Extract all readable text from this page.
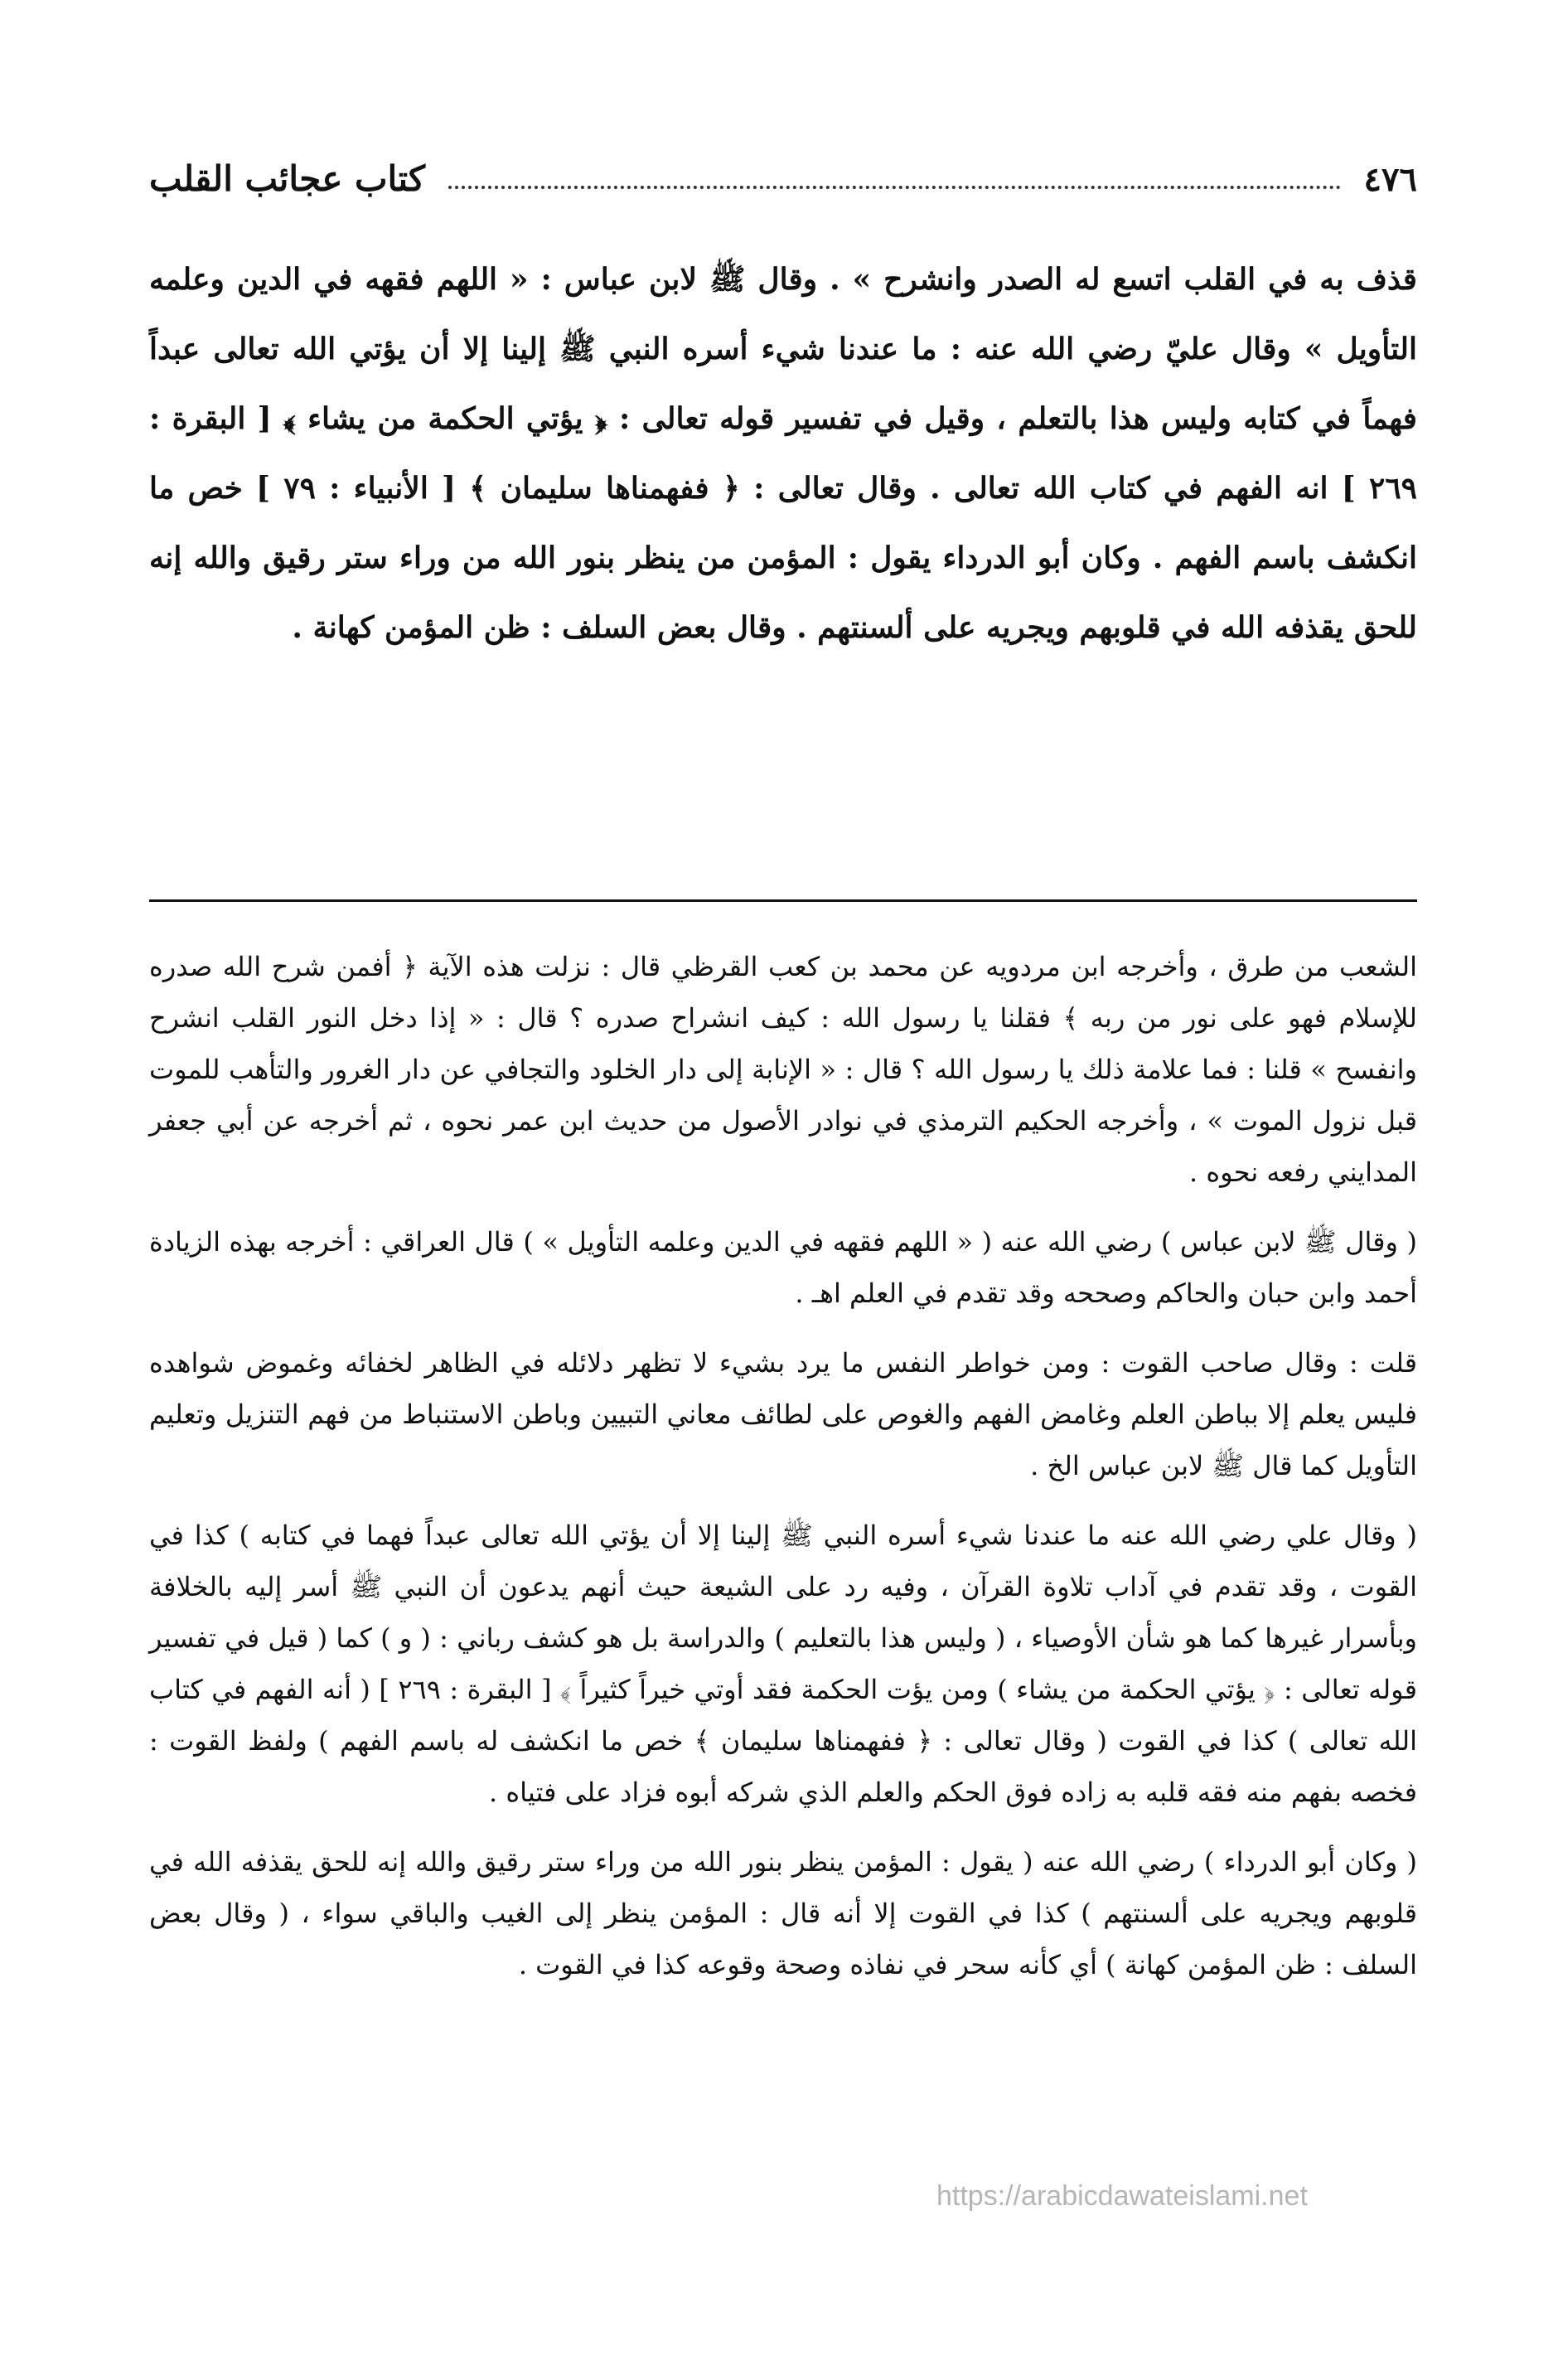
٤٧٦
كتاب عجائب القلب

قذف به في القلب اتسع له الصدر وانشرح » . وقال ﷺ لابن عباس : « اللهم فقهه في الدين وعلمه التأويل » وقال عليّ رضي الله عنه : ما عندنا شيء أسره النبي ﷺ إلينا إلا أن يؤتي الله تعالى عبداً فهماً في كتابه وليس هذا بالتعلم ، وقيل في تفسير قوله تعالى : ﴿ يؤتي الحكمة من يشاء ﴾ [ البقرة : ٢٦٩ ] انه الفهم في كتاب الله تعالى . وقال تعالى : ﴿ ففهمناها سليمان ﴾ [ الأنبياء : ٧٩ ] خص ما انكشف باسم الفهم . وكان أبو الدرداء يقول : المؤمن من ينظر بنور الله من وراء ستر رقيق والله إنه للحق يقذفه الله في قلوبهم ويجريه على ألسنتهم . وقال بعض السلف : ظن المؤمن كهانة .

الشعب من طرق ، وأخرجه ابن مردويه عن محمد بن كعب القرظي قال : نزلت هذه الآية ﴿ أفمن شرح الله صدره للإسلام فهو على نور من ربه ﴾ فقلنا يا رسول الله : كيف انشراح صدره ؟ قال : « إذا دخل النور القلب انشرح وانفسح » قلنا : فما علامة ذلك يا رسول الله ؟ قال : « الإنابة إلى دار الخلود والتجافي عن دار الغرور والتأهب للموت قبل نزول الموت » ، وأخرجه الحكيم الترمذي في نوادر الأصول من حديث ابن عمر نحوه ، ثم أخرجه عن أبي جعفر المدايني رفعه نحوه .

( وقال ﷺ لابن عباس ) رضي الله عنه ( « اللهم فقهه في الدين وعلمه التأويل » ) قال العراقي : أخرجه بهذه الزيادة أحمد وابن حبان والحاكم وصححه وقد تقدم في العلم اهـ .

قلت : وقال صاحب القوت : ومن خواطر النفس ما يرد بشيء لا تظهر دلائله في الظاهر لخفائه وغموض شواهده فليس يعلم إلا بباطن العلم وغامض الفهم والغوص على لطائف معاني التبيين وباطن الاستنباط من فهم التنزيل وتعليم التأويل كما قال ﷺ لابن عباس الخ .

( وقال علي رضي الله عنه ما عندنا شيء أسره النبي ﷺ إلينا إلا أن يؤتي الله تعالى عبداً فهما في كتابه ) كذا في القوت ، وقد تقدم في آداب تلاوة القرآن ، وفيه رد على الشيعة حيث أنهم يدعون أن النبي ﷺ أسر إليه بالخلافة وبأسرار غيرها كما هو شأن الأوصياء ، ( وليس هذا بالتعليم ) والدراسة بل هو كشف رباني : ( و ) كما ( قيل في تفسير قوله تعالى : ﴿ يؤتي الحكمة من يشاء ) ومن يؤت الحكمة فقد أوتي خيراً كثيراً ﴾ [ البقرة : ٢٦٩ ] ( أنه الفهم في كتاب الله تعالى ) كذا في القوت ( وقال تعالى : ﴿ ففهمناها سليمان ﴾ خص ما انكشف له باسم الفهم ) ولفظ القوت : فخصه بفهم منه فقه قلبه به زاده فوق الحكم والعلم الذي شركه أبوه فزاد على فتياه .

( وكان أبو الدرداء ) رضي الله عنه ( يقول : المؤمن ينظر بنور الله من وراء ستر رقيق والله إنه للحق يقذفه الله في قلوبهم ويجريه على ألسنتهم ) كذا في القوت إلا أنه قال : المؤمن ينظر إلى الغيب والباقي سواء ، ( وقال بعض السلف : ظن المؤمن كهانة ) أي كأنه سحر في نفاذه وصحة وقوعه كذا في القوت .

https://arabicdawateislami.net
